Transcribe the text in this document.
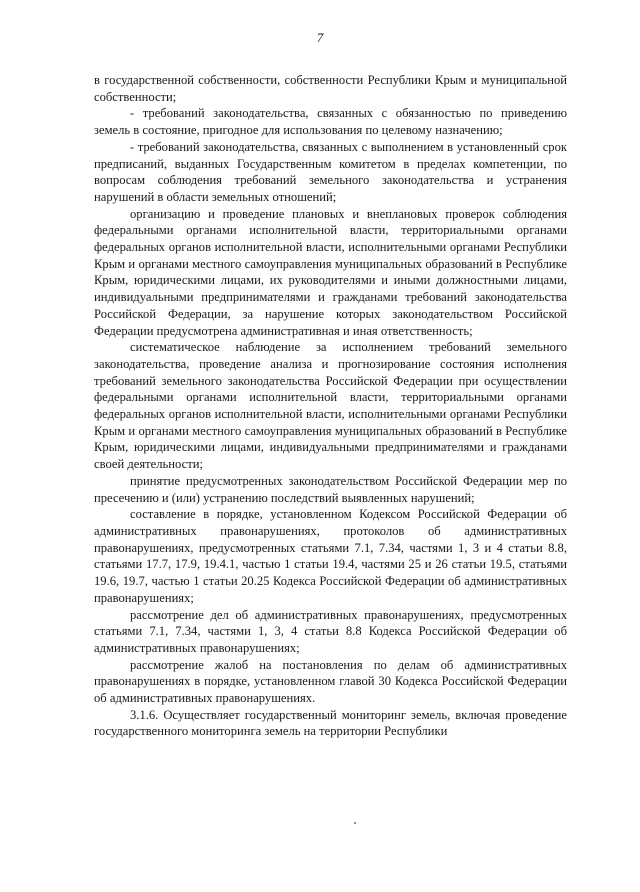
7

в государственной собственности, собственности Республики Крым и муниципальной собственности;

- требований законодательства, связанных с обязанностью по приведению земель в состояние, пригодное для использования по целевому назначению;

- требований законодательства, связанных с выполнением в установленный срок предписаний, выданных Государственным комитетом в пределах компетенции, по вопросам соблюдения требований земельного законодательства и устранения нарушений в области земельных отношений;

организацию и проведение плановых и внеплановых проверок соблюдения федеральными органами исполнительной власти, территориальными органами федеральных органов исполнительной власти, исполнительными органами Республики Крым и органами местного самоуправления муниципальных образований в Республике Крым, юридическими лицами, их руководителями и иными должностными лицами, индивидуальными предпринимателями и гражданами требований законодательства Российской Федерации, за нарушение которых законодательством Российской Федерации предусмотрена административная и иная ответственность;

систематическое наблюдение за исполнением требований земельного законодательства, проведение анализа и прогнозирование состояния исполнения требований земельного законодательства Российской Федерации при осуществлении федеральными органами исполнительной власти, территориальными органами федеральных органов исполнительной власти, исполнительными органами Республики Крым и органами местного самоуправления муниципальных образований в Республике Крым, юридическими лицами, индивидуальными предпринимателями и гражданами своей деятельности;

принятие предусмотренных законодательством Российской Федерации мер по пресечению и (или) устранению последствий выявленных нарушений;

составление в порядке, установленном Кодексом Российской Федерации об административных правонарушениях, протоколов об административных правонарушениях, предусмотренных статьями 7.1, 7.34, частями 1, 3 и 4 статьи 8.8, статьями 17.7, 17.9, 19.4.1, частью 1 статьи 19.4, частями 25 и 26 статьи 19.5, статьями 19.6, 19.7, частью 1 статьи 20.25 Кодекса Российской Федерации об административных правонарушениях;

рассмотрение дел об административных правонарушениях, предусмотренных статьями 7.1, 7.34, частями 1, 3, 4 статьи 8.8 Кодекса Российской Федерации об административных правонарушениях;

рассмотрение жалоб на постановления по делам об административных правонарушениях в порядке, установленном главой 30 Кодекса Российской Федерации об административных правонарушениях.

3.1.6. Осуществляет государственный мониторинг земель, включая проведение государственного мониторинга земель на территории Республики
